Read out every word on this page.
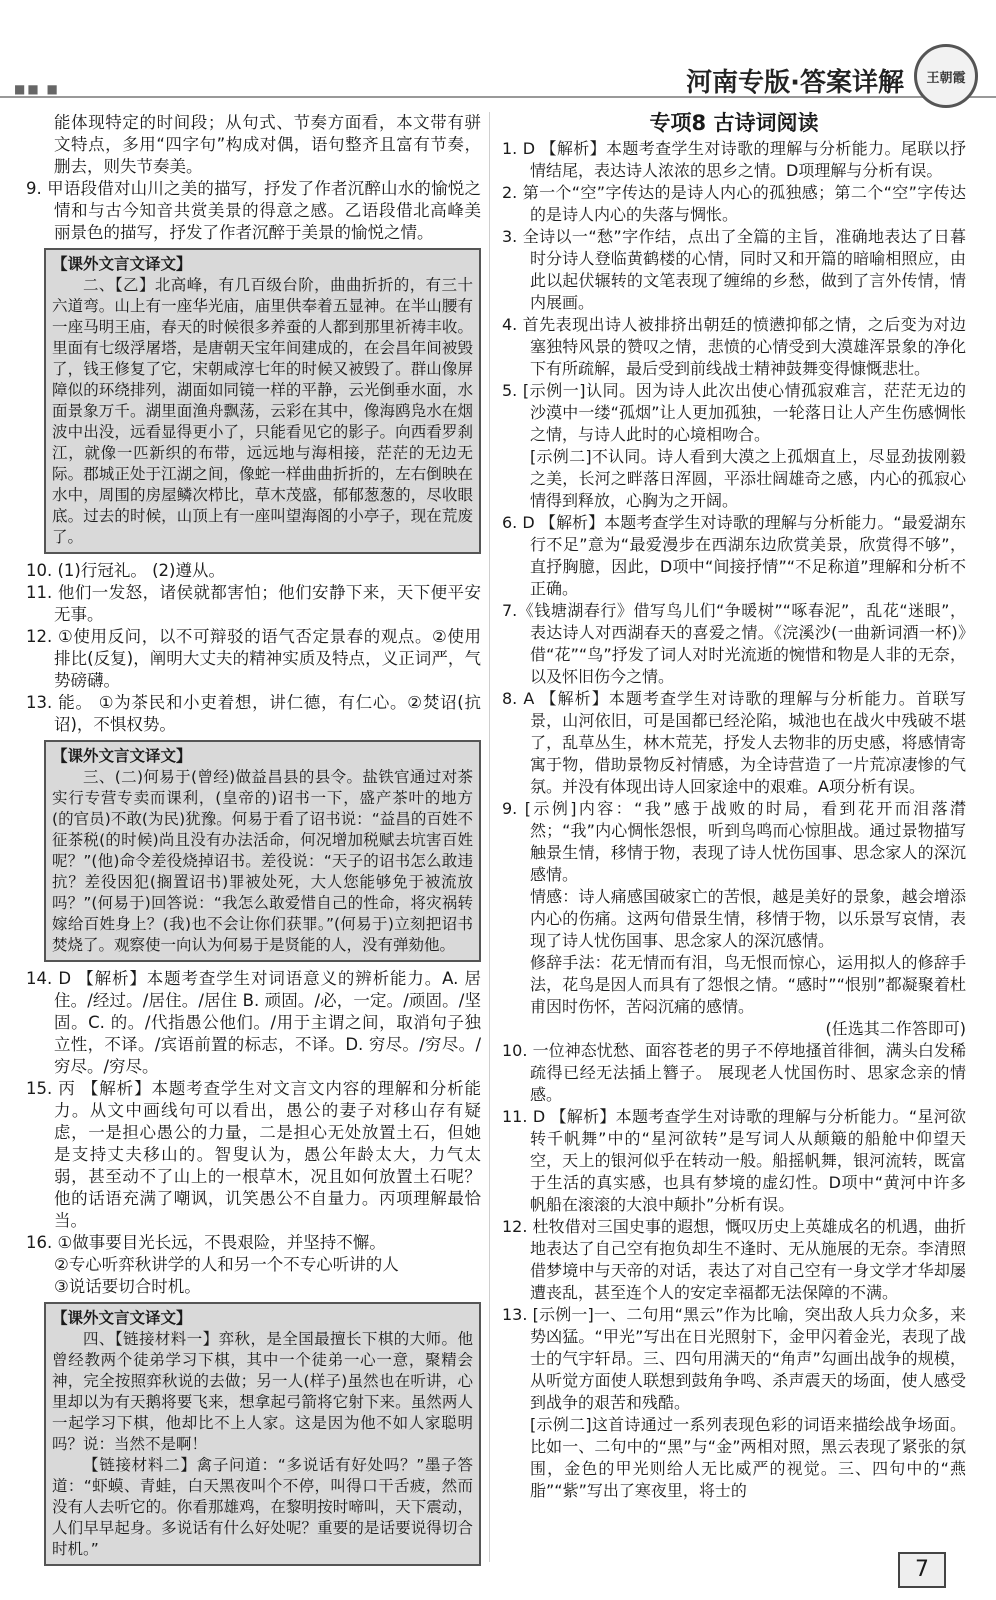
■■ ■	河南专版·答案详解	王朝霞

能体现特定的时间段；从句式、节奏方面看，本文带有骈文特点，多用“四字句”构成对偶，语句整齐且富有节奏，删去，则失节奏美。

9. 甲语段借对山川之美的描写，抒发了作者沉醉山水的愉悦之情和与古今知音共赏美景的得意之感。乙语段借北高峰美丽景色的描写，抒发了作者沉醉于美景的愉悦之情。

【课外文言文译文】

二、【乙】北高峰，有几百级台阶，曲曲折折的，有三十六道弯。山上有一座华光庙，庙里供奉着五显神。在半山腰有一座马明王庙，春天的时候很多养蚕的人都到那里祈祷丰收。里面有七级浮屠塔，是唐朝天宝年间建成的，在会昌年间被毁了，钱王修复了它，宋朝咸淳七年的时候又被毁了。群山像屏障似的环绕排列，湖面如同镜一样的平静，云光倒垂水面，水面景象万千。湖里面渔舟飘荡，云彩在其中，像海鸥凫水在烟波中出没，远看显得更小了，只能看见它的影子。向西看罗刹江，就像一匹新织的布带，远远地与海相接，茫茫的无边无际。郡城正处于江湖之间，像蛇一样曲曲折折的，左右倒映在水中，周围的房屋鳞次栉比，草木茂盛，郁郁葱葱的，尽收眼底。过去的时候，山顶上有一座叫望海阁的小亭子，现在荒废了。

10. (1)行冠礼。 (2)遵从。

11. 他们一发怒，诸侯就都害怕；他们安静下来，天下便平安无事。

12. ①使用反问，以不可辩驳的语气否定景春的观点。②使用排比(反复)，阐明大丈夫的精神实质及特点，义正词严，气势磅礴。

13. 能。 ①为茶民和小吏着想，讲仁德，有仁心。②焚诏(抗诏)，不惧权势。

【课外文言文译文】

三、(二)何易于(曾经)做益昌县的县令。盐铁官通过对茶实行专营专卖而课利，(皇帝的)诏书一下，盛产茶叶的地方(的官员)不敢(为民)犹豫。何易于看了诏书说：“益昌的百姓不征茶税(的时候)尚且没有办法活命，何况增加税赋去坑害百姓呢？”(他)命令差役烧掉诏书。差役说：“天子的诏书怎么敢违抗？差役因犯(搁置诏书)罪被处死，大人您能够免于被流放吗？”(何易于)回答说：“我怎么敢爱惜自己的性命，将灾祸转嫁给百姓身上？(我)也不会让你们获罪。”(何易于)立刻把诏书焚烧了。观察使一向认为何易于是贤能的人，没有弹劾他。

14. D 【解析】本题考查学生对词语意义的辨析能力。A. 居住。/经过。/居住。/居住 B. 顽固。/必，一定。/顽固。/坚固。C. 的。/代指愚公他们。/用于主谓之间，取消句子独立性，不译。/宾语前置的标志，不译。D. 穷尽。/穷尽。/穷尽。/穷尽。

15. 丙 【解析】本题考查学生对文言文内容的理解和分析能力。从文中画线句可以看出，愚公的妻子对移山存有疑虑，一是担心愚公的力量，二是担心无处放置土石，但她是支持丈夫移山的。智叟认为，愚公年龄太大，力气太弱，甚至动不了山上的一根草木，况且如何放置土石呢？他的话语充满了嘲讽，讥笑愚公不自量力。丙项理解最恰当。

16. ①做事要目光长远，不畏艰险，并坚持不懈。

②专心听弈秋讲学的人和另一个不专心听讲的人

③说话要切合时机。

【课外文言文译文】

四、【链接材料一】弈秋，是全国最擅长下棋的大师。他曾经教两个徒弟学习下棋，其中一个徒弟一心一意，聚精会神，完全按照弈秋说的去做；另一人(样子)虽然也在听讲，心里却以为有天鹅将要飞来，想拿起弓箭将它射下来。虽然两人一起学习下棋，他却比不上人家。这是因为他不如人家聪明吗？说：当然不是啊！

【链接材料二】禽子问道：“多说话有好处吗？”墨子答道：“虾蟆、青蛙，白天黑夜叫个不停，叫得口干舌疲，然而没有人去听它的。你看那雄鸡，在黎明按时啼叫，天下震动，人们早早起身。多说话有什么好处呢？重要的是话要说得切合时机。”

专项8 古诗词阅读

1. D 【解析】本题考查学生对诗歌的理解与分析能力。尾联以抒情结尾，表达诗人浓浓的思乡之情。D项理解与分析有误。

2. 第一个“空”字传达的是诗人内心的孤独感；第二个“空”字传达的是诗人内心的失落与惆怅。

3. 全诗以一“愁”字作结，点出了全篇的主旨，准确地表达了日暮时分诗人登临黄鹤楼的心情，同时又和开篇的暗喻相照应，由此以起伏辗转的文笔表现了缠绵的乡愁，做到了言外传情，情内展画。

4. 首先表现出诗人被排挤出朝廷的愤懑抑郁之情，之后变为对边塞独特风景的赞叹之情，悲愤的心情受到大漠雄浑景象的净化下有所疏解，最后受到前线战士精神鼓舞变得慷慨悲壮。

5. [示例一]认同。因为诗人此次出使心情孤寂难言，茫茫无边的沙漠中一缕“孤烟”让人更加孤独，一轮落日让人产生伤感惆怅之情，与诗人此时的心境相吻合。

[示例二]不认同。诗人看到大漠之上孤烟直上，尽显劲拔刚毅之美，长河之畔落日浑圆，平添壮阔雄奇之感，内心的孤寂心情得到释放，心胸为之开阔。

6. D 【解析】本题考查学生对诗歌的理解与分析能力。“最爱湖东行不足”意为“最爱漫步在西湖东边欣赏美景，欣赏得不够”，直抒胸臆，因此，D项中“间接抒情”“不足称道”理解和分析不正确。

7.《钱塘湖春行》借写鸟儿们“争暖树”“啄春泥”，乱花“迷眼”，表达诗人对西湖春天的喜爱之情。《浣溪沙(一曲新词酒一杯)》借“花”“鸟”抒发了词人对时光流逝的惋惜和物是人非的无奈，以及怀旧伤今之情。

8. A 【解析】本题考查学生对诗歌的理解与分析能力。首联写景，山河依旧，可是国都已经沦陷，城池也在战火中残破不堪了，乱草丛生，林木荒芜，抒发人去物非的历史感，将感情寄寓于物，借助景物反衬情感，为全诗营造了一片荒凉凄惨的气氛。并没有体现出诗人回家途中的艰难。A项分析有误。

9. [示例]内容：“我”感于战败的时局，看到花开而泪落潸然；“我”内心惆怅怨恨，听到鸟鸣而心惊胆战。通过景物描写触景生情，移情于物，表现了诗人忧伤国事、思念家人的深沉感情。

情感：诗人痛感国破家亡的苦恨，越是美好的景象，越会增添内心的伤痛。这两句借景生情，移情于物，以乐景写哀情，表现了诗人忧伤国事、思念家人的深沉感情。

修辞手法：花无情而有泪，鸟无恨而惊心，运用拟人的修辞手法，花鸟是因人而具有了怨恨之情。“感时”“恨别”都凝聚着杜甫因时伤怀，苦闷沉痛的感情。

(任选其二作答即可)

10. 一位神态忧愁、面容苍老的男子不停地搔首徘徊，满头白发稀疏得已经无法插上簪子。 展现老人忧国伤时、思家念亲的情感。

11. D 【解析】本题考查学生对诗歌的理解与分析能力。“星河欲转千帆舞”中的“星河欲转”是写词人从颠簸的船舱中仰望天空，天上的银河似乎在转动一般。船摇帆舞，银河流转，既富于生活的真实感，也具有梦境的虚幻性。D项中“黄河中许多帆船在滚滚的大浪中颠扑”分析有误。

12. 杜牧借对三国史事的遐想，慨叹历史上英雄成名的机遇，曲折地表达了自己空有抱负却生不逢时、无从施展的无奈。李清照借梦境中与天帝的对话，表达了对自己空有一身文学才华却屡遭丧乱，甚至连个人的安定幸福都无法保障的不满。

13. [示例一]一、二句用“黑云”作为比喻，突出敌人兵力众多，来势凶猛。“甲光”写出在日光照射下，金甲闪着金光，表现了战士的气宇轩昂。三、四句用满天的“角声”勾画出战争的规模，从听觉方面使人联想到鼓角争鸣、杀声震天的场面，使人感受到战争的艰苦和残酷。

[示例二]这首诗通过一系列表现色彩的词语来描绘战争场面。比如一、二句中的“黑”与“金”两相对照，黑云表现了紧张的氛围，金色的甲光则给人无比威严的视觉。三、四句中的“燕脂”“紫”写出了寒夜里，将士的

7
